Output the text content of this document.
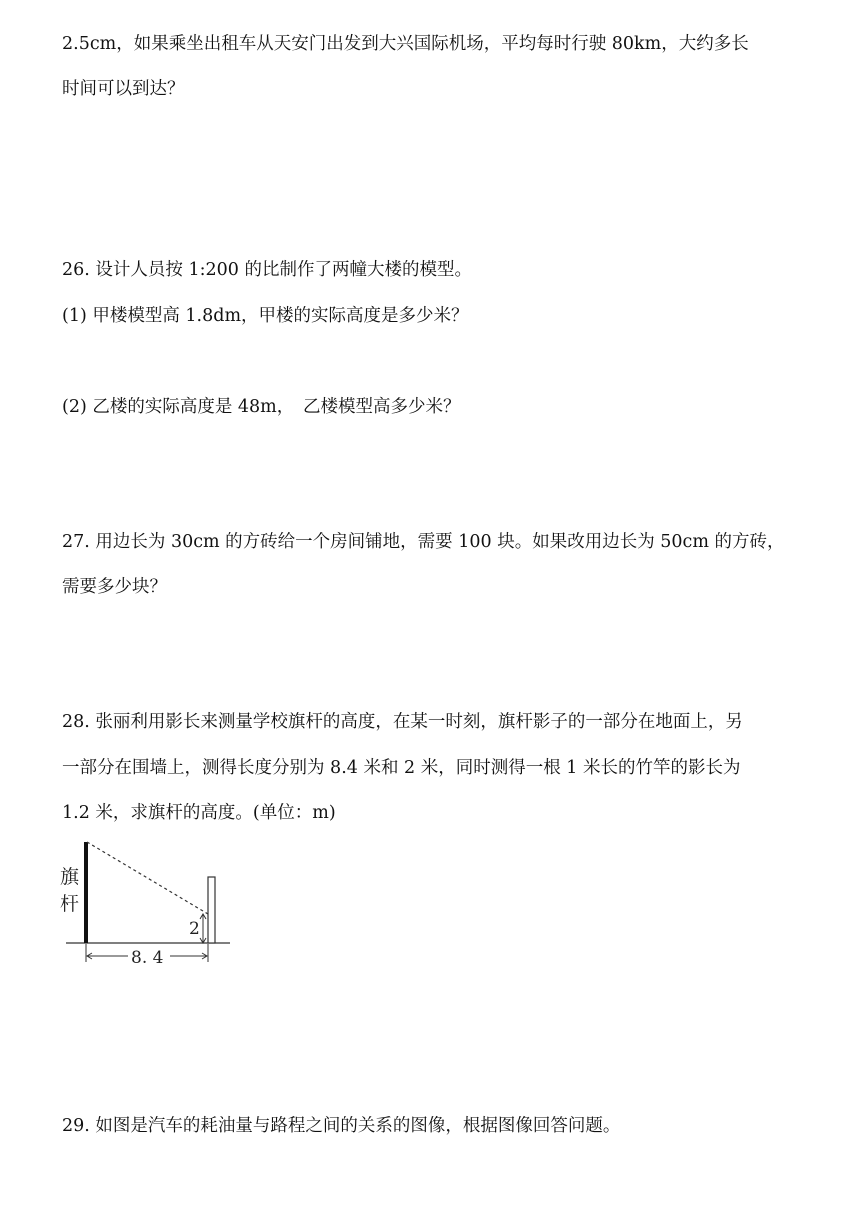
2.5cm，如果乘坐出租车从天安门出发到大兴国际机场，平均每时行驶 80km，大约多长
时间可以到达？
26. 设计人员按 1:200 的比制作了两幢大楼的模型。
(1) 甲楼模型高 1.8dm，甲楼的实际高度是多少米？
(2) 乙楼的实际高度是 48m，　乙楼模型高多少米？
27. 用边长为 30cm 的方砖给一个房间铺地，需要 100 块。如果改用边长为 50cm 的方砖，
需要多少块？
28. 张丽利用影长来测量学校旗杆的高度，在某一时刻，旗杆影子的一部分在地面上，另
一部分在围墙上，测得长度分别为 8.4 米和 2 米，同时测得一根 1 米长的竹竿的影长为
1.2 米，求旗杆的高度。(单位：m)
2
8. 4
旗
杆
29. 如图是汽车的耗油量与路程之间的关系的图像，根据图像回答问题。
